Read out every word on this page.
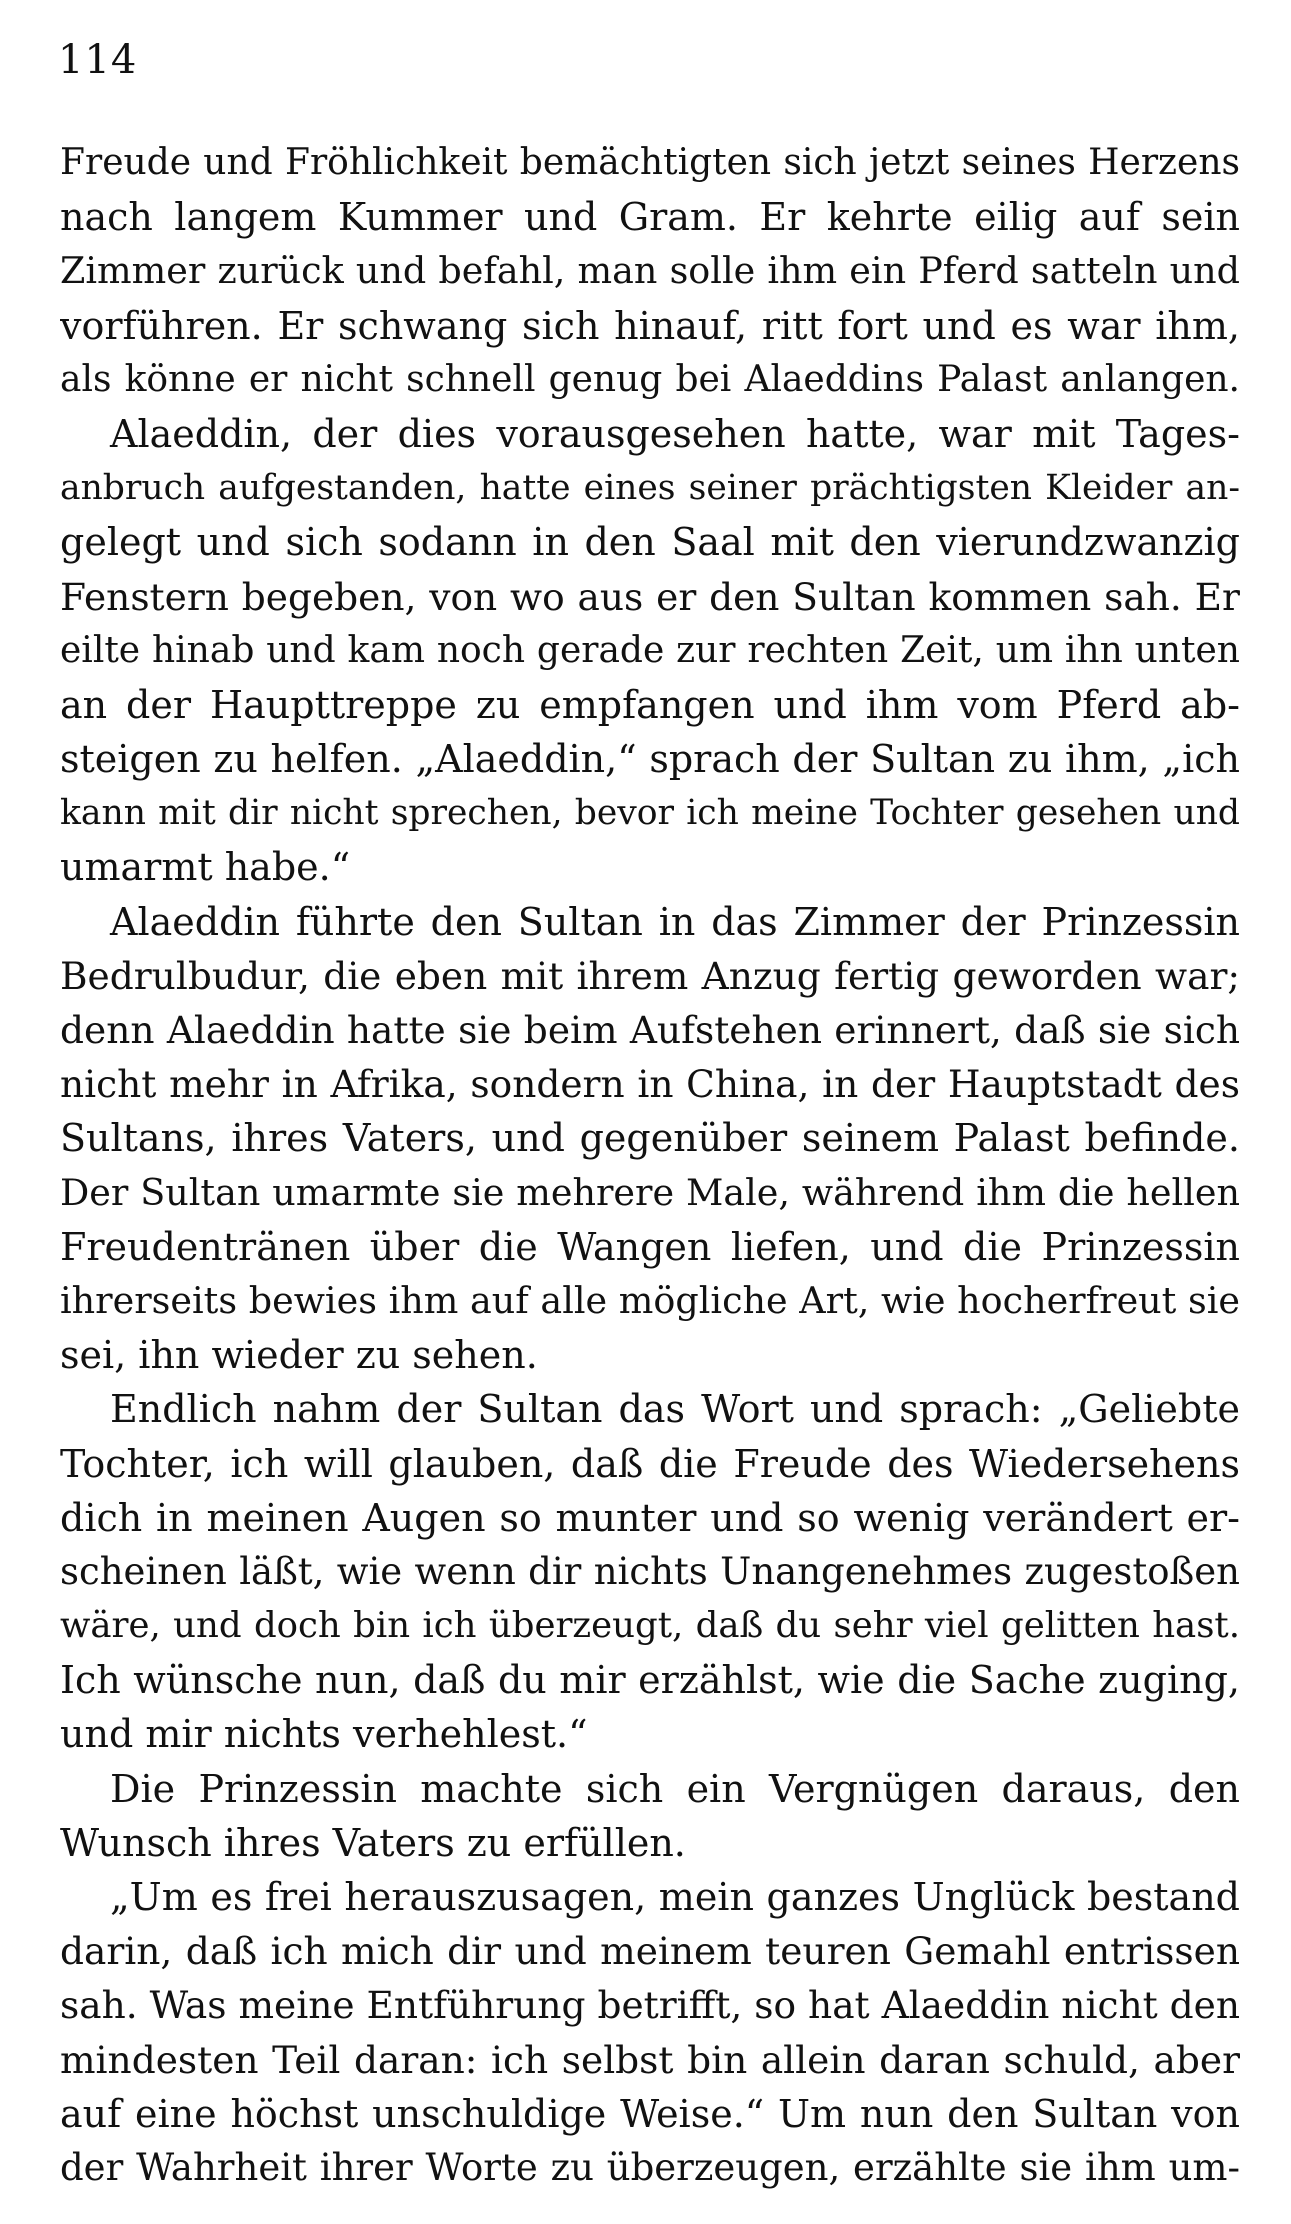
114
Freude und Fröhlichkeit bemächtigten sich jetzt seines Herzens
nach langem Kummer und Gram. Er kehrte eilig auf sein
Zimmer zurück und befahl, man solle ihm ein Pferd satteln und
vorführen. Er schwang sich hinauf, ritt fort und es war ihm,
als könne er nicht schnell genug bei Alaeddins Palast anlangen.
Alaeddin, der dies vorausgesehen hatte, war mit Tages-
anbruch aufgestanden, hatte eines seiner prächtigsten Kleider an-
gelegt und sich sodann in den Saal mit den vierundzwanzig
Fenstern begeben, von wo aus er den Sultan kommen sah. Er
eilte hinab und kam noch gerade zur rechten Zeit, um ihn unten
an der Haupttreppe zu empfangen und ihm vom Pferd ab-
steigen zu helfen. „Alaeddin,“ sprach der Sultan zu ihm, „ich
kann mit dir nicht sprechen, bevor ich meine Tochter gesehen und
umarmt habe.“
Alaeddin führte den Sultan in das Zimmer der Prinzessin
Bedrulbudur, die eben mit ihrem Anzug fertig geworden war;
denn Alaeddin hatte sie beim Aufstehen erinnert, daß sie sich
nicht mehr in Afrika, sondern in China, in der Hauptstadt des
Sultans, ihres Vaters, und gegenüber seinem Palast befinde.
Der Sultan umarmte sie mehrere Male, während ihm die hellen
Freudentränen über die Wangen liefen, und die Prinzessin
ihrerseits bewies ihm auf alle mögliche Art, wie hocherfreut sie
sei, ihn wieder zu sehen.
Endlich nahm der Sultan das Wort und sprach: „Geliebte
Tochter, ich will glauben, daß die Freude des Wiedersehens
dich in meinen Augen so munter und so wenig verändert er-
scheinen läßt, wie wenn dir nichts Unangenehmes zugestoßen
wäre, und doch bin ich überzeugt, daß du sehr viel gelitten hast.
Ich wünsche nun, daß du mir erzählst, wie die Sache zuging,
und mir nichts verhehlest.“
Die Prinzessin machte sich ein Vergnügen daraus, den
Wunsch ihres Vaters zu erfüllen.
„Um es frei herauszusagen, mein ganzes Unglück bestand
darin, daß ich mich dir und meinem teuren Gemahl entrissen
sah. Was meine Entführung betrifft, so hat Alaeddin nicht den
mindesten Teil daran: ich selbst bin allein daran schuld, aber
auf eine höchst unschuldige Weise.“ Um nun den Sultan von
der Wahrheit ihrer Worte zu überzeugen, erzählte sie ihm um-
